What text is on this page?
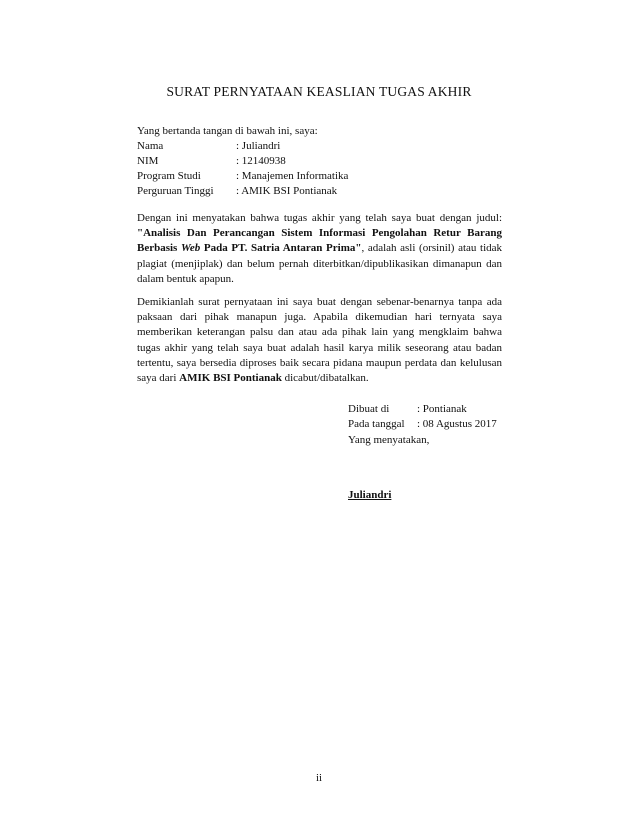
SURAT PERNYATAAN KEASLIAN TUGAS AKHIR
Yang bertanda tangan di bawah ini, saya:
Nama	: Juliandri
NIM	: 12140938
Program Studi	: Manajemen Informatika
Perguruan Tinggi	: AMIK BSI Pontianak

Dengan ini menyatakan bahwa tugas akhir yang telah saya buat dengan judul: "Analisis Dan Perancangan Sistem Informasi Pengolahan Retur Barang Berbasis Web Pada PT. Satria Antaran Prima", adalah asli (orsinil) atau tidak plagiat (menjiplak) dan belum pernah diterbitkan/dipublikasikan dimanapun dan dalam bentuk apapun.

Demikianlah surat pernyataan ini saya buat dengan sebenar-benarnya tanpa ada paksaan dari pihak manapun juga. Apabila dikemudian hari ternyata saya memberikan keterangan palsu dan atau ada pihak lain yang mengklaim bahwa tugas akhir yang telah saya buat adalah hasil karya milik seseorang atau badan tertentu, saya bersedia diproses baik secara pidana maupun perdata dan kelulusan saya dari AMIK BSI Pontianak dicabut/dibatalkan.

Dibuat di	: Pontianak
Pada tanggal	: 08 Agustus 2017
Yang menyatakan,
Juliandri
ii
